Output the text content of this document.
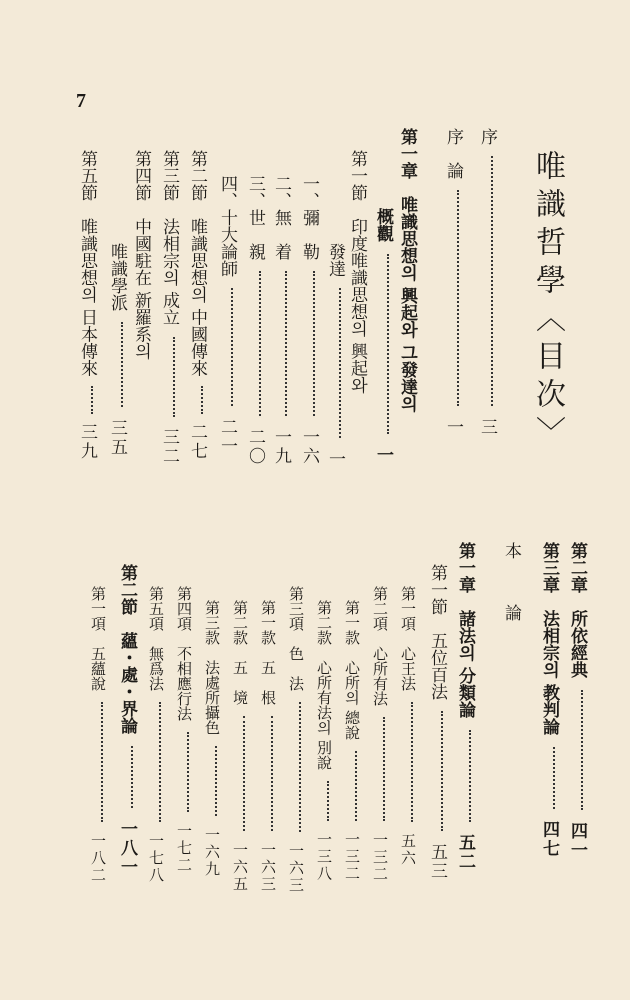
7
唯識哲學〈目次〉
序  三
序　論  一
第一章　唯識思想의 興起와 그發達의
概觀  一
第一節　印度唯識思想의 興起와
發達  一
一、彌　勒  一六
二、無　着  一九
三、世　親  二〇
四、十大論師  二一
第二節　唯識思想의 中國傳來  二七
第三節　法相宗의 成立  三二
第四節　中國駐在 新羅系의
唯識學派  三五
第五節　唯識思想의 日本傳來  三九
第二章　所依經典  四一
第三章　法相宗의 教判論  四七
本　論
第一章　諸法의 分類論  五二
第一節　五位百法  五三
第一項　心王法  五六
第二項　心所有法  一三二
第一款　心所의 總說  一三二
第二款　心所有法의 別說  一三八
第三項　色　法  一六三
第一款　五　根  一六三
第二款　五　境  一六五
第三款　法處所攝色  一六九
第四項　不相應行法  一七二
第五項　無爲法  一七八
第二節　蘊・處・界論  一八一
第一項　五蘊說  一八二
